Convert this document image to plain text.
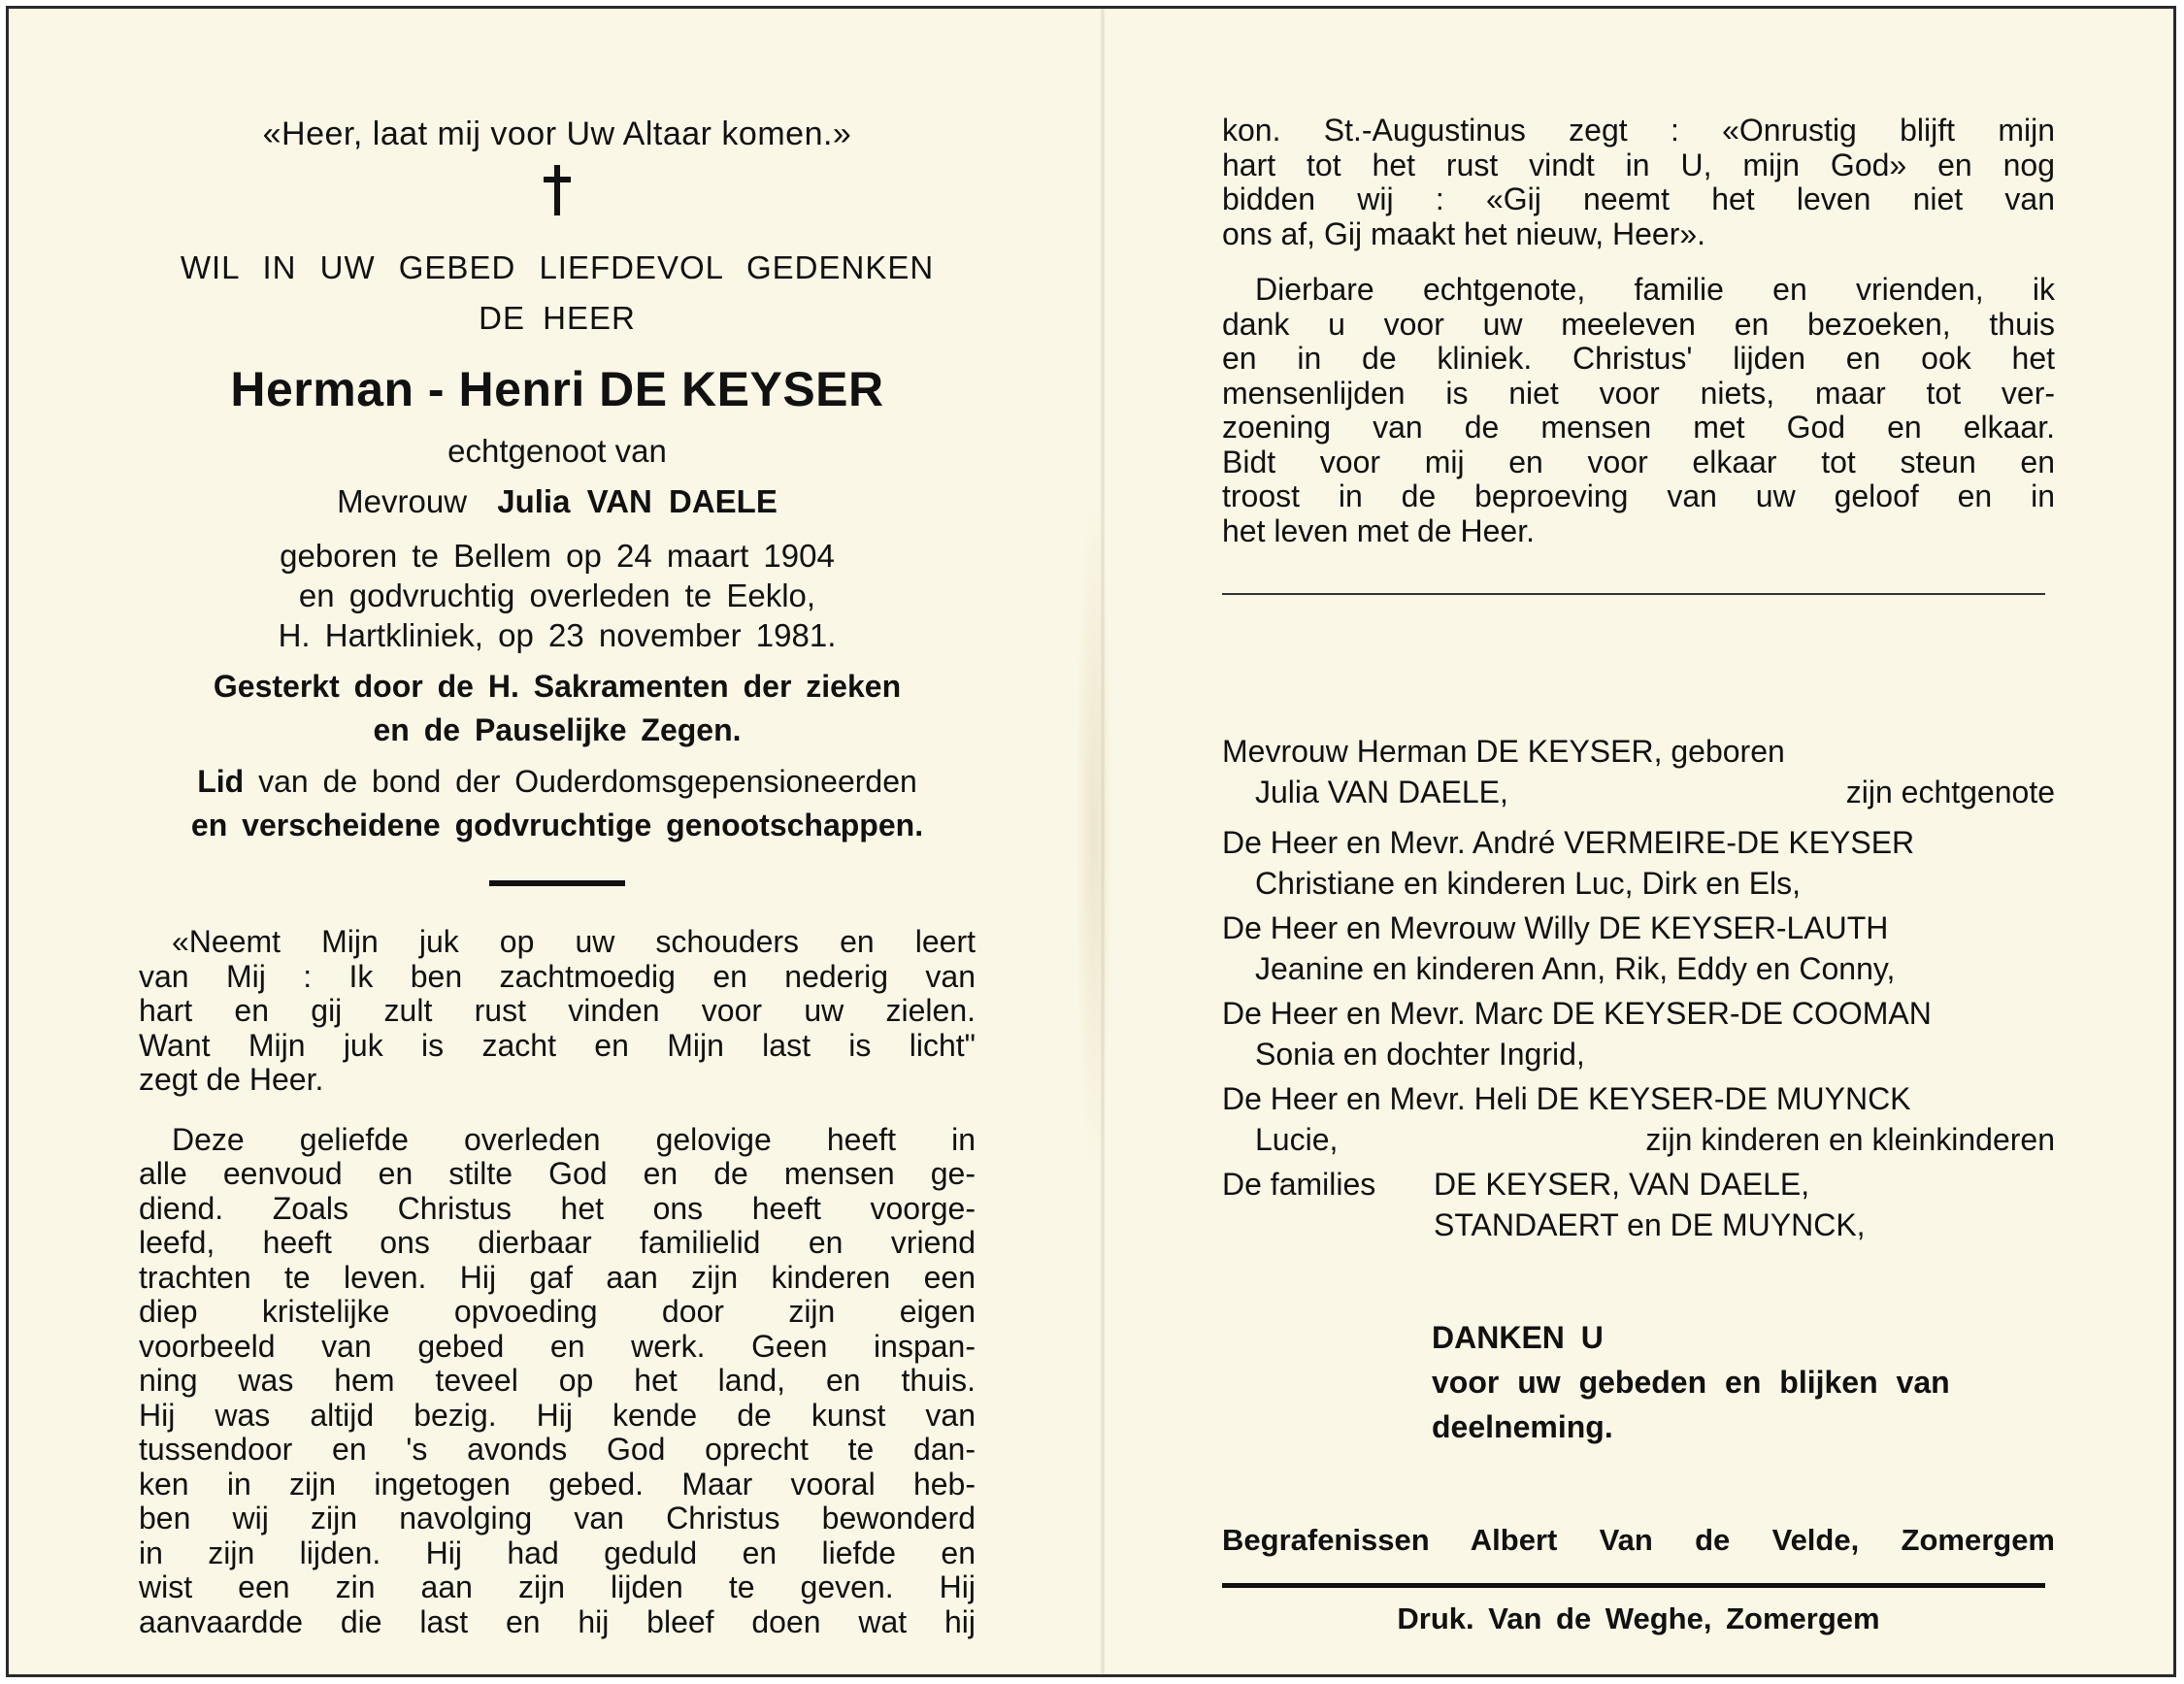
«Heer, laat mij voor Uw Altaar komen.»
WIL IN UW GEBED LIEFDEVOL GEDENKEN
DE HEER
Herman - Henri DE KEYSER
echtgenoot van
Mevrouw Julia VAN DAELE
geboren te Bellem op 24 maart 1904
en godvruchtig overleden te Eeklo,
H. Hartkliniek, op 23 november 1981.
Gesterkt door de H. Sakramenten der zieken
en de Pauselijke Zegen.
Lid van de bond der Ouderdomsgepensioneerden
en verscheidene godvruchtige genootschappen.
«Neemt Mijn juk op uw schouders en leert
van Mij : Ik ben zachtmoedig en nederig van
hart en gij zult rust vinden voor uw zielen.
Want Mijn juk is zacht en Mijn last is licht"
zegt de Heer.
Deze geliefde overleden gelovige heeft in
alle eenvoud en stilte God en de mensen ge-
diend. Zoals Christus het ons heeft voorge-
leefd, heeft ons dierbaar familielid en vriend
trachten te leven. Hij gaf aan zijn kinderen een
diep kristelijke opvoeding door zijn eigen
voorbeeld van gebed en werk. Geen inspan-
ning was hem teveel op het land, en thuis.
Hij was altijd bezig. Hij kende de kunst van
tussendoor en 's avonds God oprecht te dan-
ken in zijn ingetogen gebed. Maar vooral heb-
ben wij zijn navolging van Christus bewonderd
in zijn lijden. Hij had geduld en liefde en
wist een zin aan zijn lijden te geven. Hij
aanvaardde die last en hij bleef doen wat hij
kon. St.-Augustinus zegt : «Onrustig blijft mijn
hart tot het rust vindt in U, mijn God» en nog
bidden wij : «Gij neemt het leven niet van
ons af, Gij maakt het nieuw, Heer».
Dierbare echtgenote, familie en vrienden, ik
dank u voor uw meeleven en bezoeken, thuis
en in de kliniek. Christus' lijden en ook het
mensenlijden is niet voor niets, maar tot ver-
zoening van de mensen met God en elkaar.
Bidt voor mij en voor elkaar tot steun en
troost in de beproeving van uw geloof en in
het leven met de Heer.
Mevrouw Herman DE KEYSER, geboren
Julia VAN DAELE,	zijn echtgenote
De Heer en Mevr. André VERMEIRE-DE KEYSER
Christiane en kinderen Luc, Dirk en Els,
De Heer en Mevrouw Willy DE KEYSER-LAUTH
Jeanine en kinderen Ann, Rik, Eddy en Conny,
De Heer en Mevr. Marc DE KEYSER-DE COOMAN
Sonia en dochter Ingrid,
De Heer en Mevr. Heli DE KEYSER-DE MUYNCK
Lucie,	zijn kinderen en kleinkinderen
De families DE KEYSER, VAN DAELE,
STANDAERT en DE MUYNCK,
DANKEN U
voor uw gebeden en blijken van
deelneming.
Begrafenissen Albert Van de Velde, Zomergem
Druk. Van de Weghe, Zomergem
